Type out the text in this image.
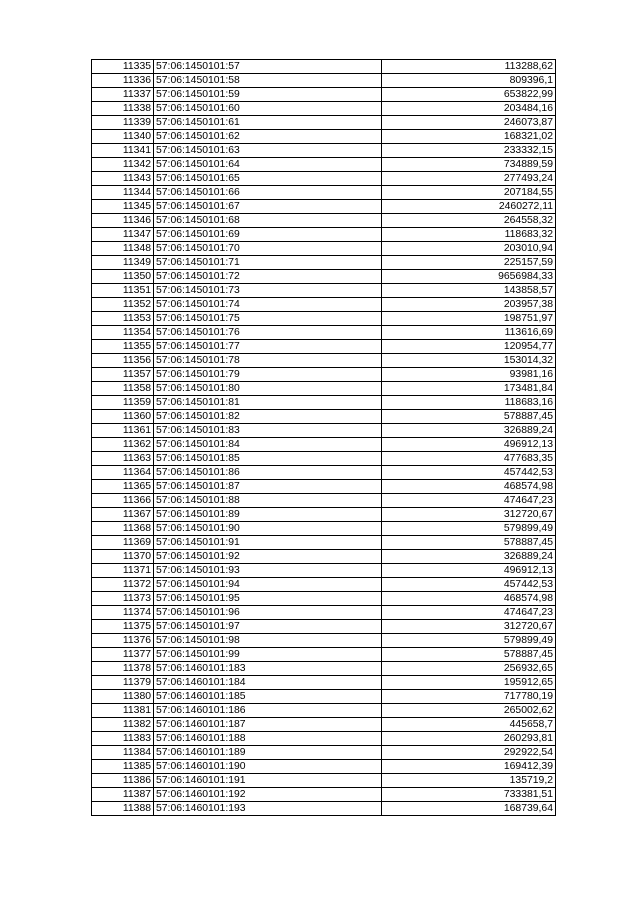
11335	57:06:1450101:57	113288,62
11336	57:06:1450101:58	809396,1
11337	57:06:1450101:59	653822,99
11338	57:06:1450101:60	203484,16
11339	57:06:1450101:61	246073,87
11340	57:06:1450101:62	168321,02
11341	57:06:1450101:63	233332,15
11342	57:06:1450101:64	734889,59
11343	57:06:1450101:65	277493,24
11344	57:06:1450101:66	207184,55
11345	57:06:1450101:67	2460272,11
11346	57:06:1450101:68	264558,32
11347	57:06:1450101:69	118683,32
11348	57:06:1450101:70	203010,94
11349	57:06:1450101:71	225157,59
11350	57:06:1450101:72	9656984,33
11351	57:06:1450101:73	143858,57
11352	57:06:1450101:74	203957,38
11353	57:06:1450101:75	198751,97
11354	57:06:1450101:76	113616,69
11355	57:06:1450101:77	120954,77
11356	57:06:1450101:78	153014,32
11357	57:06:1450101:79	93981,16
11358	57:06:1450101:80	173481,84
11359	57:06:1450101:81	118683,16
11360	57:06:1450101:82	578887,45
11361	57:06:1450101:83	326889,24
11362	57:06:1450101:84	496912,13
11363	57:06:1450101:85	477683,35
11364	57:06:1450101:86	457442,53
11365	57:06:1450101:87	468574,98
11366	57:06:1450101:88	474647,23
11367	57:06:1450101:89	312720,67
11368	57:06:1450101:90	579899,49
11369	57:06:1450101:91	578887,45
11370	57:06:1450101:92	326889,24
11371	57:06:1450101:93	496912,13
11372	57:06:1450101:94	457442,53
11373	57:06:1450101:95	468574,98
11374	57:06:1450101:96	474647,23
11375	57:06:1450101:97	312720,67
11376	57:06:1450101:98	579899,49
11377	57:06:1450101:99	578887,45
11378	57:06:1460101:183	256932,65
11379	57:06:1460101:184	195912,65
11380	57:06:1460101:185	717780,19
11381	57:06:1460101:186	265002,62
11382	57:06:1460101:187	445658,7
11383	57:06:1460101:188	260293,81
11384	57:06:1460101:189	292922,54
11385	57:06:1460101:190	169412,39
11386	57:06:1460101:191	135719,2
11387	57:06:1460101:192	733381,51
11388	57:06:1460101:193	168739,64
